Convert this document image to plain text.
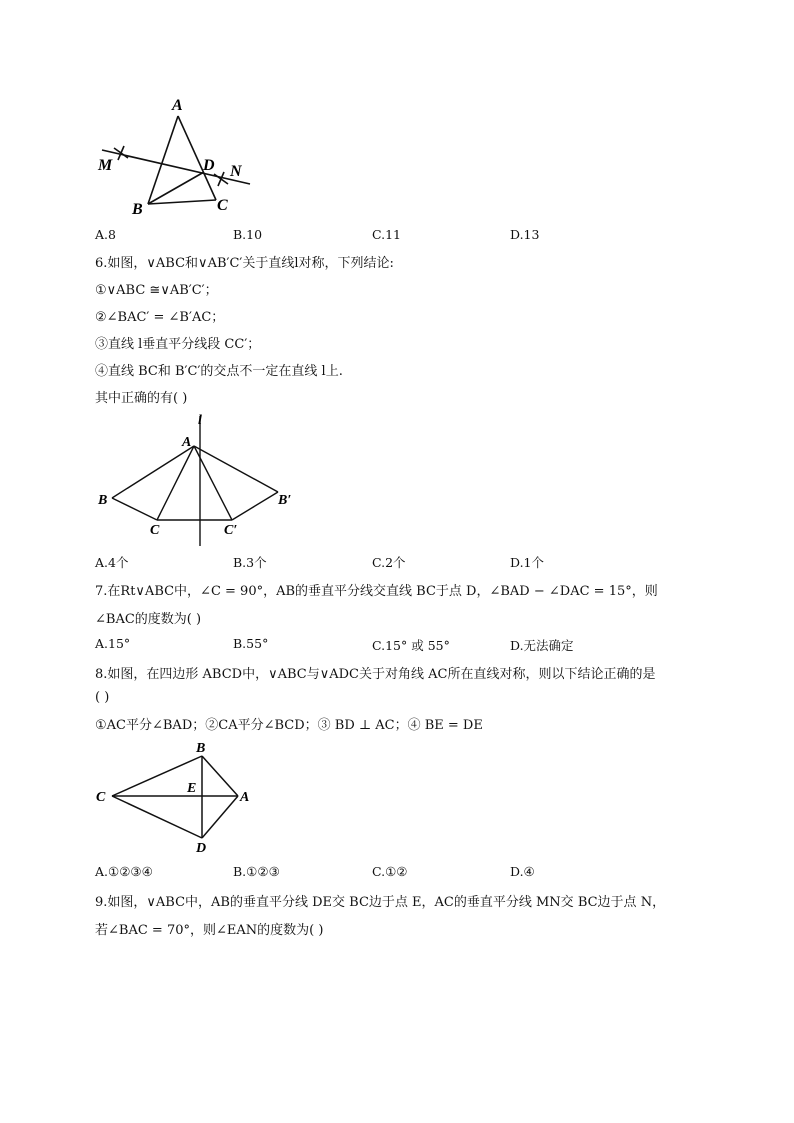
A
M	D N
B	C
A.8	B.10	C.11	D.13
6.如图，∨ABC和∨AB′C′关于直线l对称，下列结论:
①∨ABC ≅∨AB′C′；
②∠BAC′ = ∠B′AC；
③直线 l垂直平分线段 CC′；
④直线 BC和 B′C′的交点不一定在直线 l上.
其中正确的有( )
l
A
B	B′
C	C′
A.4个	B.3个	C.2个	D.1个
7.在Rt∨ABC中，∠C = 90°，AB的垂直平分线交直线 BC于点 D，∠BAD − ∠DAC = 15°，则
∠BAC的度数为( )
A.15°	B.55°	C.15° 或 55°	D.无法确定
8.如图，在四边形 ABCD中，∨ABC与∨ADC关于对角线 AC所在直线对称，则以下结论正确的是
( )
①AC平分∠BAD；②CA平分∠BCD；③ BD ⊥ AC；④ BE = DE
B
C
E
A
D
A.①②③④	B.①②③	C.①②	D.④
9.如图，∨ABC中，AB的垂直平分线 DE交 BC边于点 E，AC的垂直平分线 MN交 BC边于点 N，
若∠BAC = 70°，则∠EAN的度数为( )
